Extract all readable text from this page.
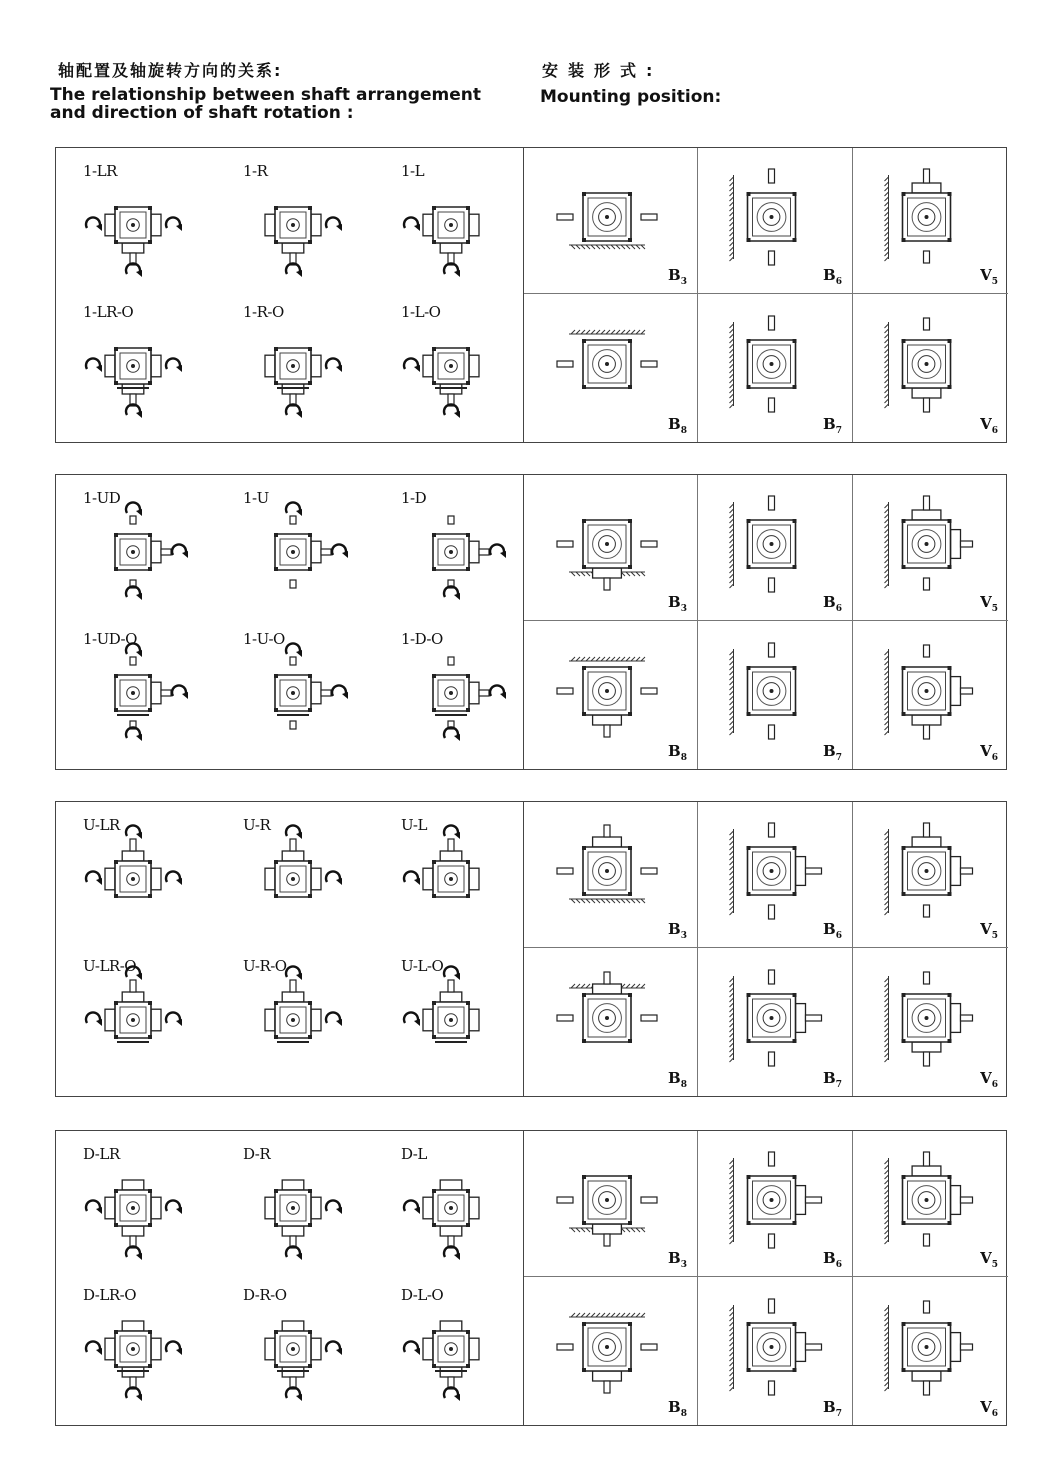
轴配置及轴旋转方向的关系:
The relationship between shaft arrangement
and direction of shaft rotation :
安装形式:
Mounting position:
1-LR	1-R	1-L
1-LR-O	1-R-O	1-L-O
$B_3$	$B_6$	$V_5$
$B_8$	$B_7$	$V_6$
1-UD	1-U	1-D
1-UD-O	1-U-O	1-D-O
$B_3$	$B_6$	$V_5$
$B_8$	$B_7$	$V_6$
U-LR	U-R	U-L
U-LR-O	U-R-O	U-L-O
$B_3$	$B_6$	$V_5$
$B_8$	$B_7$	$V_6$
D-LR	D-R	D-L
D-LR-O	D-R-O	D-L-O
$B_3$	$B_6$	$V_5$
$B_8$	$B_7$	$V_6$
